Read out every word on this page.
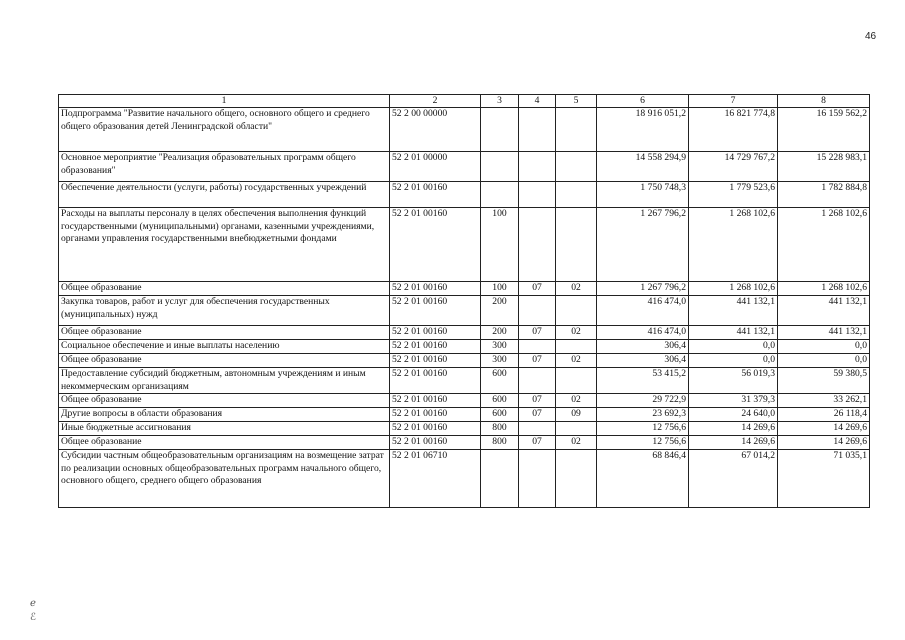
46
1	2	3	4	5	6	7	8
Подпрограмма "Развитие начального общего, основного общего и среднего общего образования детей Ленинградской области"	52 2 00 00000				18 916 051,2	16 821 774,8	16 159 562,2
Основное мероприятие "Реализация образовательных программ общего образования"	52 2 01 00000				14 558 294,9	14 729 767,2	15 228 983,1
Обеспечение деятельности (услуги, работы) государственных учреждений	52 2 01 00160				1 750 748,3	1 779 523,6	1 782 884,8
Расходы на выплаты персоналу в целях обеспечения выполнения функций государственными (муниципальными) органами, казенными учреждениями, органами управления государственными внебюджетными фондами	52 2 01 00160	100			1 267 796,2	1 268 102,6	1 268 102,6
Общее образование	52 2 01 00160	100	07	02	1 267 796,2	1 268 102,6	1 268 102,6
Закупка товаров, работ и услуг для обеспечения государственных (муниципальных) нужд	52 2 01 00160	200			416 474,0	441 132,1	441 132,1
Общее образование	52 2 01 00160	200	07	02	416 474,0	441 132,1	441 132,1
Социальное обеспечение и иные выплаты населению	52 2 01 00160	300			306,4	0,0	0,0
Общее образование	52 2 01 00160	300	07	02	306,4	0,0	0,0
Предоставление субсидий бюджетным, автономным учреждениям и иным некоммерческим организациям	52 2 01 00160	600			53 415,2	56 019,3	59 380,5
Общее образование	52 2 01 00160	600	07	02	29 722,9	31 379,3	33 262,1
Другие вопросы в области образования	52 2 01 00160	600	07	09	23 692,3	24 640,0	26 118,4
Иные бюджетные ассигнования	52 2 01 00160	800			12 756,6	14 269,6	14 269,6
Общее образование	52 2 01 00160	800	07	02	12 756,6	14 269,6	14 269,6
Субсидии частным общеобразовательным организациям на возмещение затрат по реализации основных общеобразовательных программ начального общего, основного общего, среднего общего образования	52 2 01 06710				68 846,4	67 014,2	71 035,1
ℯ
ℰ
